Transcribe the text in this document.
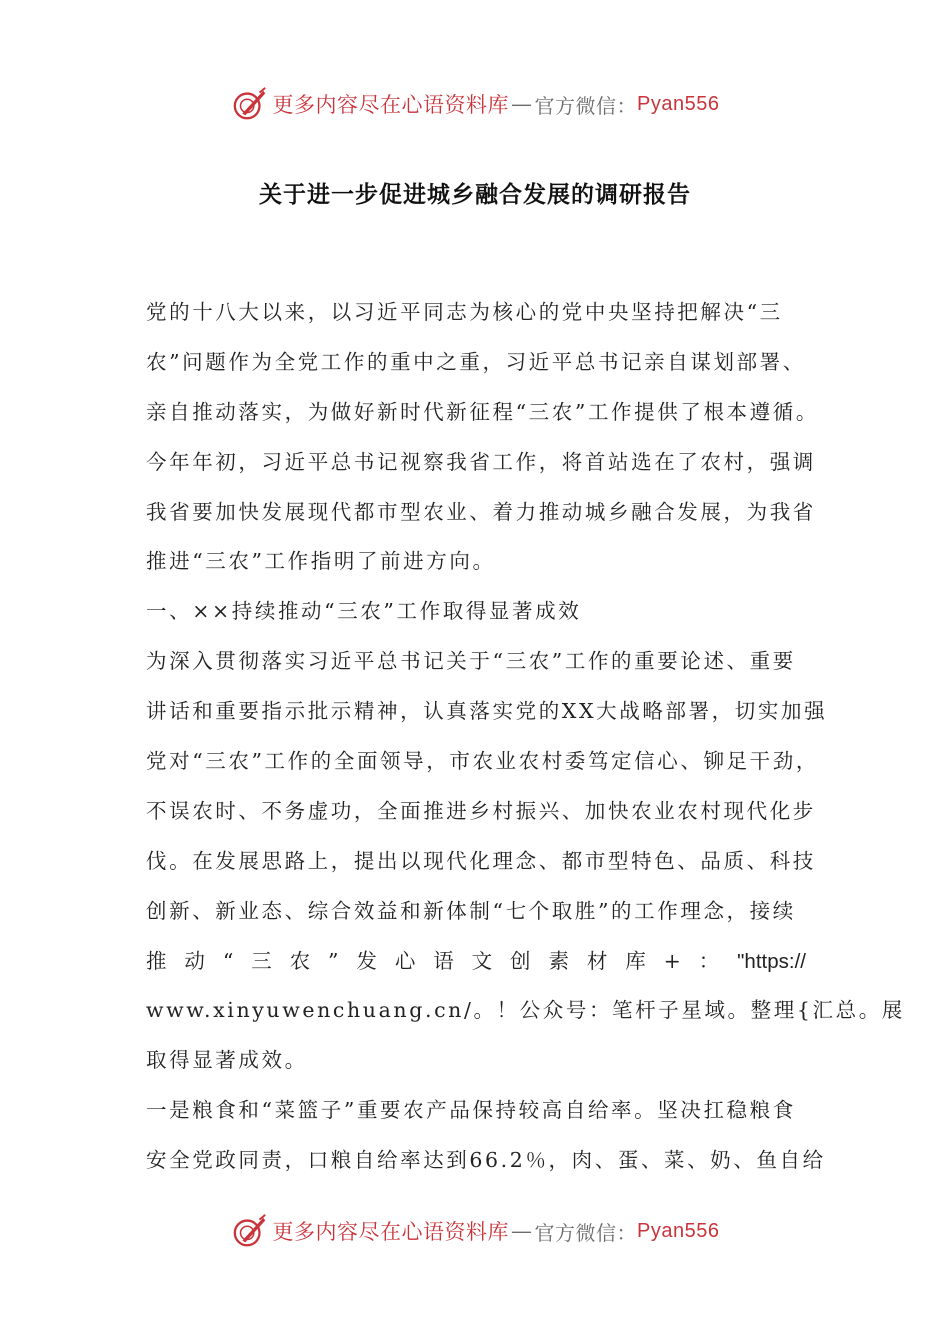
更多内容尽在心语资料库 — 官方微信： Pyan556
关于进一步促进城乡融合发展的调研报告
党的十八大以来，以习近平同志为核心的党中央坚持把解决“三
农”问题作为全党工作的重中之重，习近平总书记亲自谋划部署、
亲自推动落实，为做好新时代新征程“三农”工作提供了根本遵循。
今年年初，习近平总书记视察我省工作，将首站选在了农村，强调
我省要加快发展现代都市型农业、着力推动城乡融合发展，为我省
推进“三农”工作指明了前进方向。
一、××持续推动“三农”工作取得显著成效
为深入贯彻落实习近平总书记关于“三农”工作的重要论述、重要
讲话和重要指示批示精神，认真落实党的XX大战略部署，切实加强
党对“三农”工作的全面领导，市农业农村委笃定信心、铆足干劲，
不误农时、不务虚功，全面推进乡村振兴、加快农业农村现代化步
伐。在发展思路上，提出以现代化理念、都市型特色、品质、科技
创新、新业态、综合效益和新体制“七个取胜”的工作理念，接续
推 动 “ 三 农 ” 发 心 语 文 创 素 材 库 + ： "https://
www.xinyuwenchuang.cn/。！公众号：笔杆子星域。整理{汇总。展
取得显著成效。
一是粮食和“菜篮子”重要农产品保持较高自给率。坚决扛稳粮食
安全党政同责，口粮自给率达到66.2％，肉、蛋、菜、奶、鱼自给
更多内容尽在心语资料库 — 官方微信： Pyan556
